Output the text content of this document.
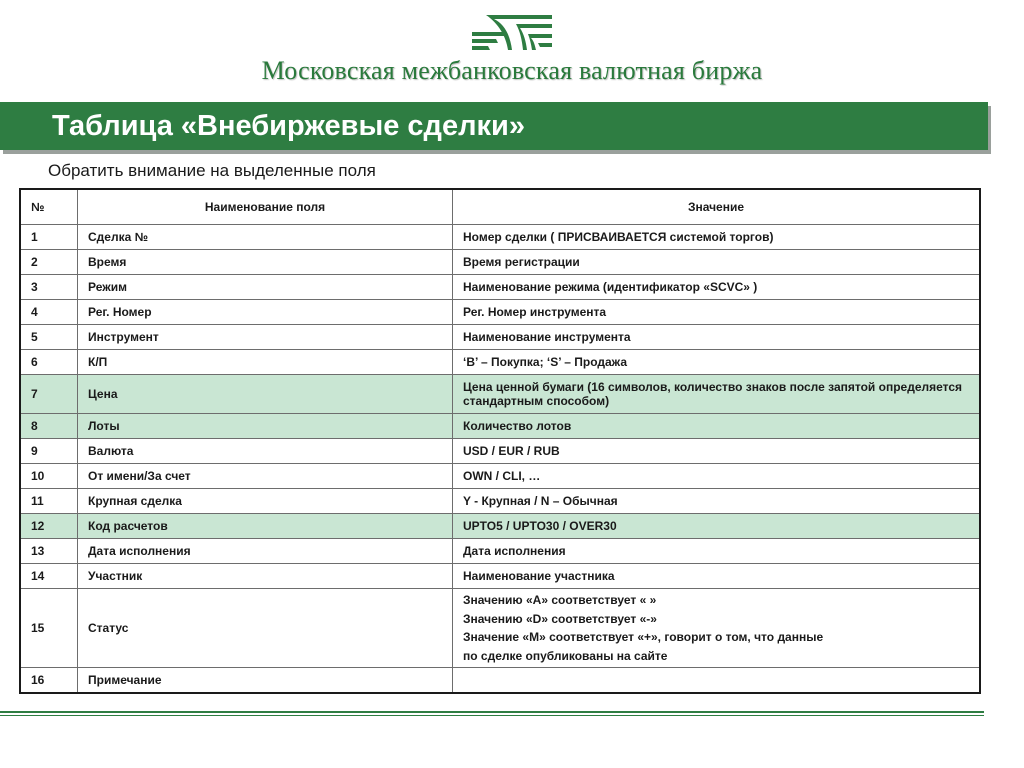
Московская межбанковская валютная биржа
Таблица «Внебиржевые сделки»
Обратить внимание на выделенные поля
№	Наименование поля	Значение
1	Сделка №	Номер сделки ( ПРИСВАИВАЕТСЯ системой торгов)
2	Время	Время регистрации
3	Режим	Наименование режима (идентификатор «SCVC» )
4	Рег. Номер	Рег. Номер инструмента
5	Инструмент	Наименование инструмента
6	К/П	‘B’ – Покупка; ‘S’ – Продажа
7	Цена	Цена ценной бумаги (16 символов, количество знаков после запятой определяется стандартным способом)
8	Лоты	Количество лотов
9	Валюта	USD / EUR / RUB
10	От имени/За счет	OWN / CLI, …
11	Крупная сделка	Y - Крупная / N – Обычная
12	Код расчетов	UPTO5 / UPTO30 / OVER30
13	Дата исполнения	Дата исполнения
14	Участник	Наименование участника
15	Статус	Значению «А» соответствует « »
Значению «D» соответствует «-»
Значение «M» соответствует «+», говорит о том, что данные
по сделке опубликованы на сайте

16	Примечание	
